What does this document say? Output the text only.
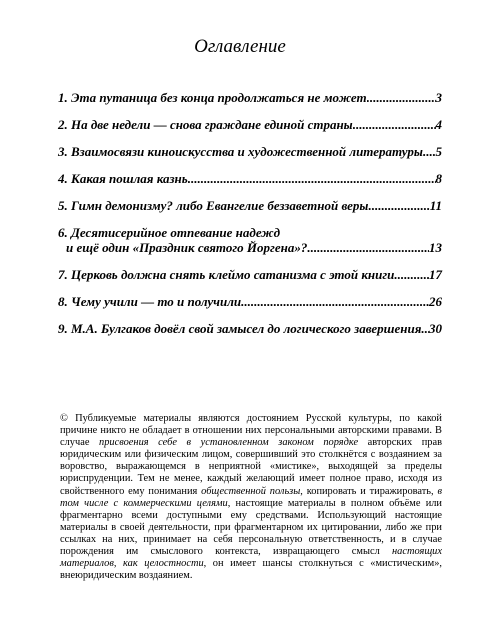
Оглавление
1. Эта путаница без конца продолжаться не может .....	3
2. На две недели — снова граждане единой страны .....	4
3. Взаимосвязи киноискусства и художественной литературы ..... 5
4. Какая пошлая казнь .....	8
5. Гимн демонизму? либо Евангелие беззаветной веры .....	11
6. Десятисерийное отпевание надежд
и ещё один «Праздник святого Йоргена»? .....	13
7. Церковь должна снять клеймо сатанизма с этой книги .....	17
8. Чему учили — то и получили. .....	26
9. М.А. Булгаков довёл свой замысел до логического завершения ..... 30
© Публикуемые материалы являются достоянием Русской культуры, по какой причине никто не обладает в отношении них персональными авторскими правами. В случае присвоения себе в установленном законом порядке авторских прав юридическим или физическим лицом, совершивший это столкнётся с воздаянием за воровство, выражающемся в неприятной «мистике», выходящей за пределы юриспруденции. Тем не менее, каждый желающий имеет полное право, исходя из свойственного ему понимания общественной пользы, копировать и тиражировать, в том числе с коммерческими целями, настоящие материалы в полном объёме или фрагментарно всеми доступными ему средствами. Использующий настоящие материалы в своей деятельности, при фрагментарном их цитировании, либо же при ссылках на них, принимает на себя персональную ответственность, и в случае порождения им смыслового контекста, извращающего смысл настоящих материалов, как целостности, он имеет шансы столкнуться с «мистическим», внеюридическим воздаянием.
